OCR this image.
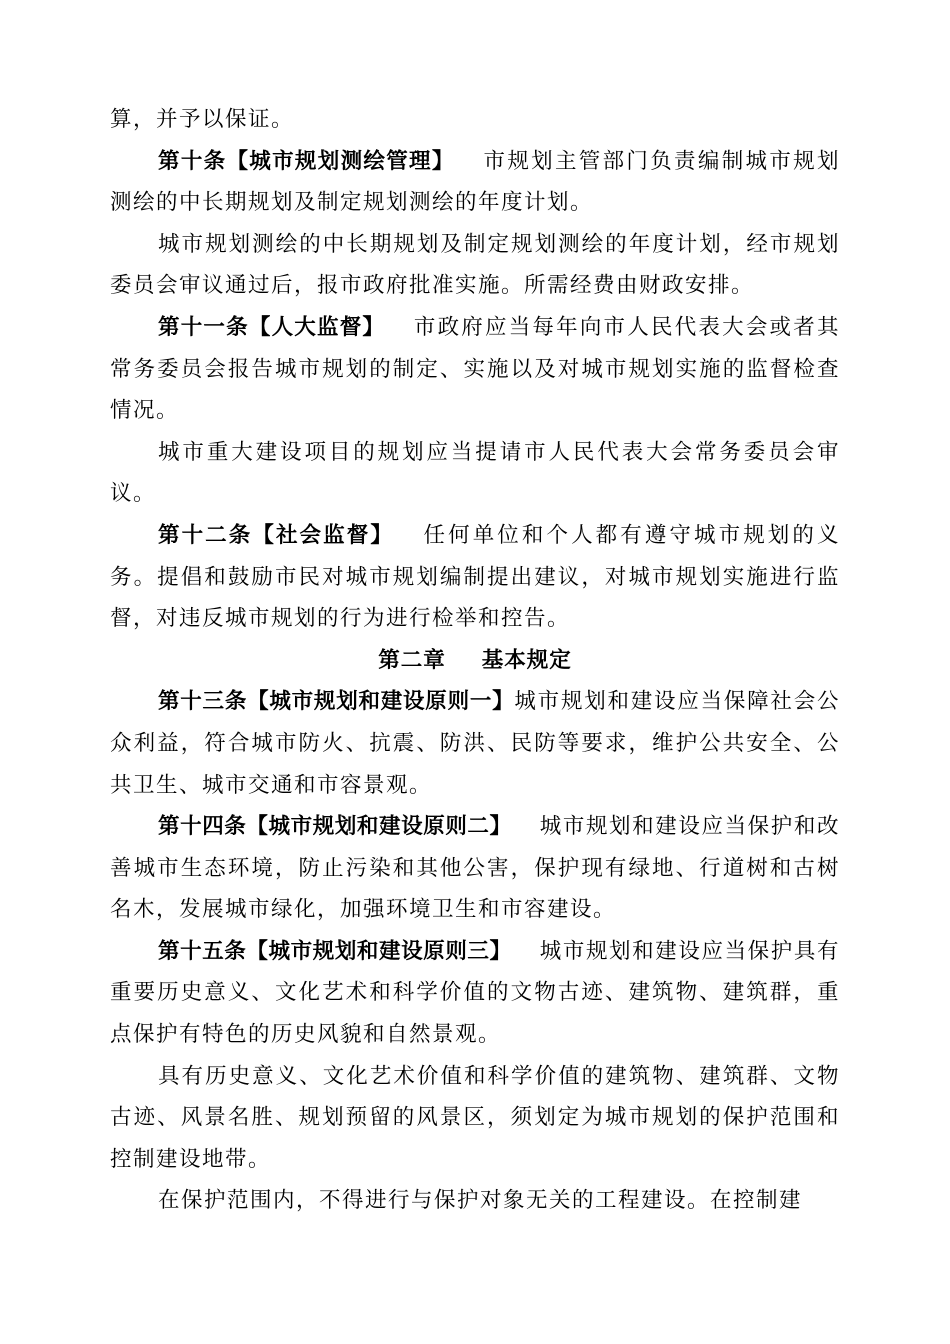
算，并予以保证。

第十条【城市规划测绘管理】 市规划主管部门负责编制城市规划测绘的中长期规划及制定规划测绘的年度计划。

城市规划测绘的中长期规划及制定规划测绘的年度计划，经市规划委员会审议通过后，报市政府批准实施。所需经费由财政安排。

第十一条【人大监督】 市政府应当每年向市人民代表大会或者其常务委员会报告城市规划的制定、实施以及对城市规划实施的监督检查情况。

城市重大建设项目的规划应当提请市人民代表大会常务委员会审议。

第十二条【社会监督】 任何单位和个人都有遵守城市规划的义务。提倡和鼓励市民对城市规划编制提出建议，对城市规划实施进行监督，对违反城市规划的行为进行检举和控告。

第二章 基本规定

第十三条【城市规划和建设原则一】城市规划和建设应当保障社会公众利益，符合城市防火、抗震、防洪、民防等要求，维护公共安全、公共卫生、城市交通和市容景观。

第十四条【城市规划和建设原则二】 城市规划和建设应当保护和改善城市生态环境，防止污染和其他公害，保护现有绿地、行道树和古树名木，发展城市绿化，加强环境卫生和市容建设。

第十五条【城市规划和建设原则三】 城市规划和建设应当保护具有重要历史意义、文化艺术和科学价值的文物古迹、建筑物、建筑群，重点保护有特色的历史风貌和自然景观。

具有历史意义、文化艺术价值和科学价值的建筑物、建筑群、文物古迹、风景名胜、规划预留的风景区，须划定为城市规划的保护范围和控制建设地带。

在保护范围内，不得进行与保护对象无关的工程建设。在控制建
